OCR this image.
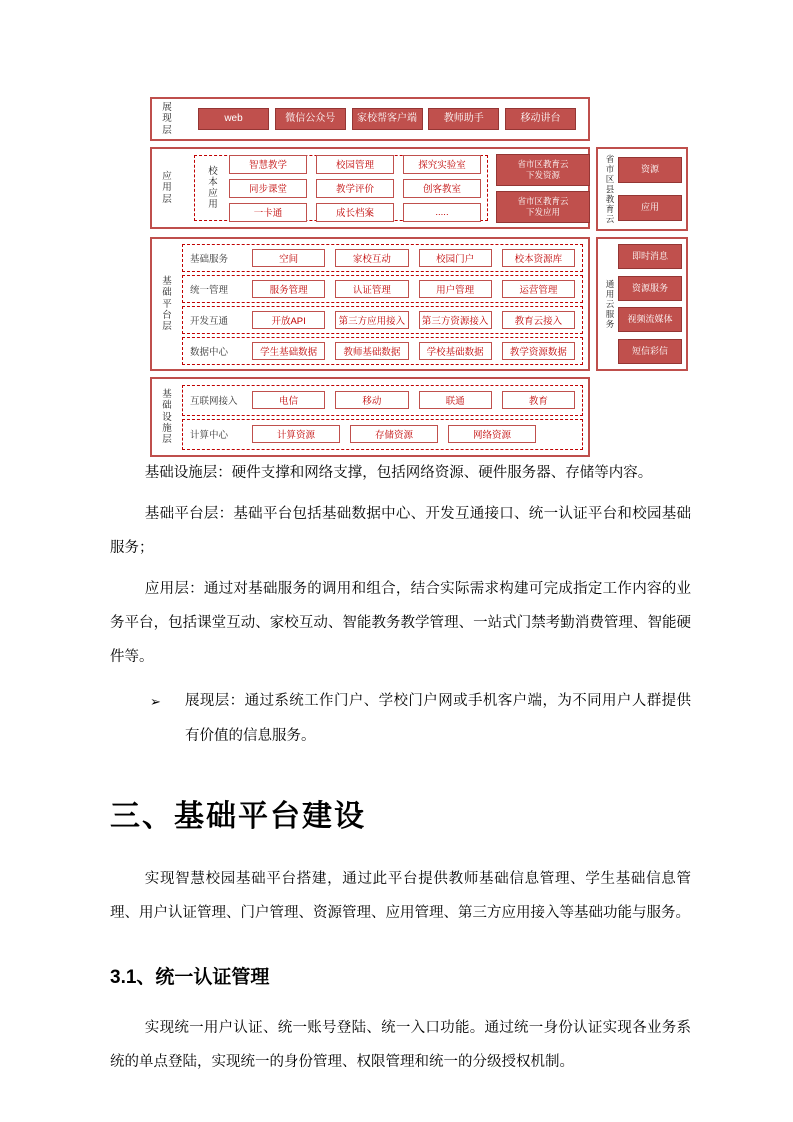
展现层
web	微信公众号	家校帮客户端	教师助手	移动讲台
应用层
校本应用
智慧教学	校园管理	探究实验室
同步课堂	教学评价	创客教室
一卡通	成长档案	.....
省市区教育云
下发资源
省市区教育云
下发应用
省市区县教育云
资源
应用
基础平台层
基础服务	空间	家校互动	校园门户	校本资源库
统一管理	服务管理	认证管理	用户管理	运营管理
开发互通	开放API	第三方应用接入	第三方资源接入	教育云接入
数据中心	学生基础数据	教师基础数据	学校基础数据	教学资源数据
通用云服务
即时消息
资源服务
视频流媒体
短信彩信
基础设施层
互联网接入	电信	移动	联通	教育
计算中心	计算资源	存储资源	网络资源

基础设施层：硬件支撑和网络支撑，包括网络资源、硬件服务器、存储等内容。

基础平台层：基础平台包括基础数据中心、开发互通接口、统一认证平台和校园基础服务；

应用层：通过对基础服务的调用和组合，结合实际需求构建可完成指定工作内容的业务平台，包括课堂互动、家校互动、智能教务教学管理、一站式门禁考勤消费管理、智能硬件等。

➢	展现层：通过系统工作门户、学校门户网或手机客户端，为不同用户人群提供有价值的信息服务。
三、基础平台建设

实现智慧校园基础平台搭建，通过此平台提供教师基础信息管理、学生基础信息管理、用户认证管理、门户管理、资源管理、应用管理、第三方应用接入等基础功能与服务。

3.1、统一认证管理

实现统一用户认证、统一账号登陆、统一入口功能。通过统一身份认证实现各业务系统的单点登陆，实现统一的身份管理、权限管理和统一的分级授权机制。
